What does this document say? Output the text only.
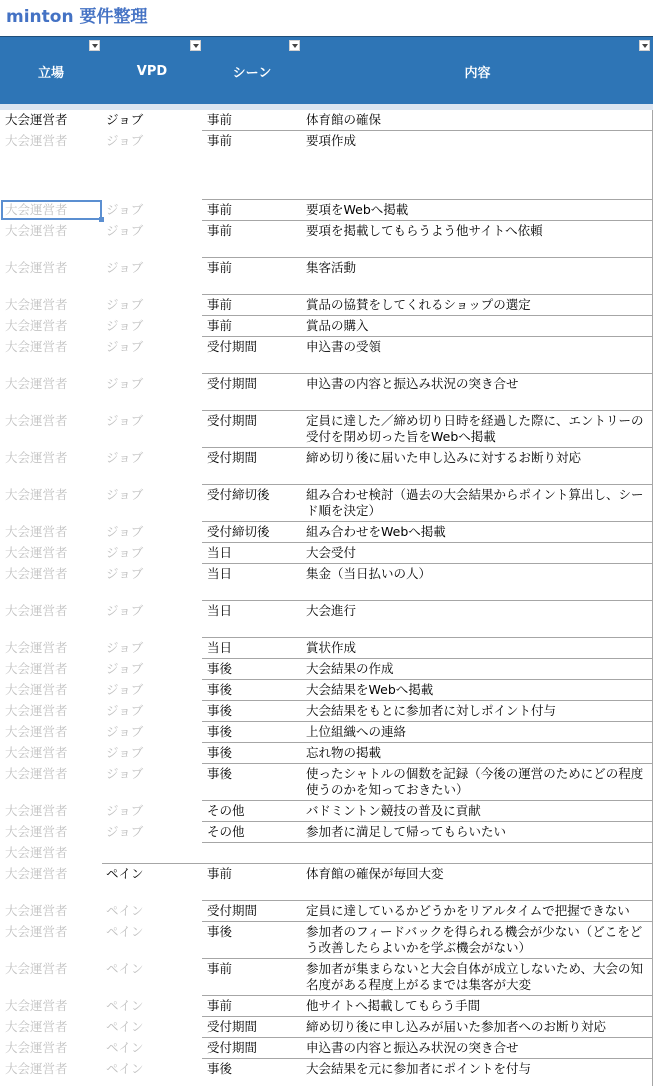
minton 要件整理
立場	VPD	シーン	内容
大会運営者	ジョブ	事前	体育館の確保
大会運営者	ジョブ	事前	要項作成
大会運営者	ジョブ	事前	要項をWebへ掲載
大会運営者	ジョブ	事前	要項を掲載してもらうよう他サイトへ依頼
大会運営者	ジョブ	事前	集客活動
大会運営者	ジョブ	事前	賞品の協賛をしてくれるショップの選定
大会運営者	ジョブ	事前	賞品の購入
大会運営者	ジョブ	受付期間	申込書の受領
大会運営者	ジョブ	受付期間	申込書の内容と振込み状況の突き合せ
大会運営者	ジョブ	受付期間	定員に達した／締め切り日時を経過した際に、エントリーの受付を閉め切った旨をWebへ掲載
大会運営者	ジョブ	受付期間	締め切り後に届いた申し込みに対するお断り対応
大会運営者	ジョブ	受付締切後	組み合わせ検討（過去の大会結果からポイント算出し、シード順を決定）
大会運営者	ジョブ	受付締切後	組み合わせをWebへ掲載
大会運営者	ジョブ	当日	大会受付
大会運営者	ジョブ	当日	集金（当日払いの人）
大会運営者	ジョブ	当日	大会進行
大会運営者	ジョブ	当日	賞状作成
大会運営者	ジョブ	事後	大会結果の作成
大会運営者	ジョブ	事後	大会結果をWebへ掲載
大会運営者	ジョブ	事後	大会結果をもとに参加者に対しポイント付与
大会運営者	ジョブ	事後	上位組織への連絡
大会運営者	ジョブ	事後	忘れ物の掲載
大会運営者	ジョブ	事後	使ったシャトルの個数を記録（今後の運営のためにどの程度使うのかを知っておきたい）
大会運営者	ジョブ	その他	バドミントン競技の普及に貢献
大会運営者	ジョブ	その他	参加者に満足して帰ってもらいたい
大会運営者
大会運営者	ペイン	事前	体育館の確保が毎回大変
大会運営者	ペイン	受付期間	定員に達しているかどうかをリアルタイムで把握できない
大会運営者	ペイン	事後	参加者のフィードバックを得られる機会が少ない（どこをどう改善したらよいかを学ぶ機会がない）
大会運営者	ペイン	事前	参加者が集まらないと大会自体が成立しないため、大会の知名度がある程度上がるまでは集客が大変
大会運営者	ペイン	事前	他サイトへ掲載してもらう手間
大会運営者	ペイン	受付期間	締め切り後に申し込みが届いた参加者へのお断り対応
大会運営者	ペイン	受付期間	申込書の内容と振込み状況の突き合せ
大会運営者	ペイン	事後	大会結果を元に参加者にポイントを付与
